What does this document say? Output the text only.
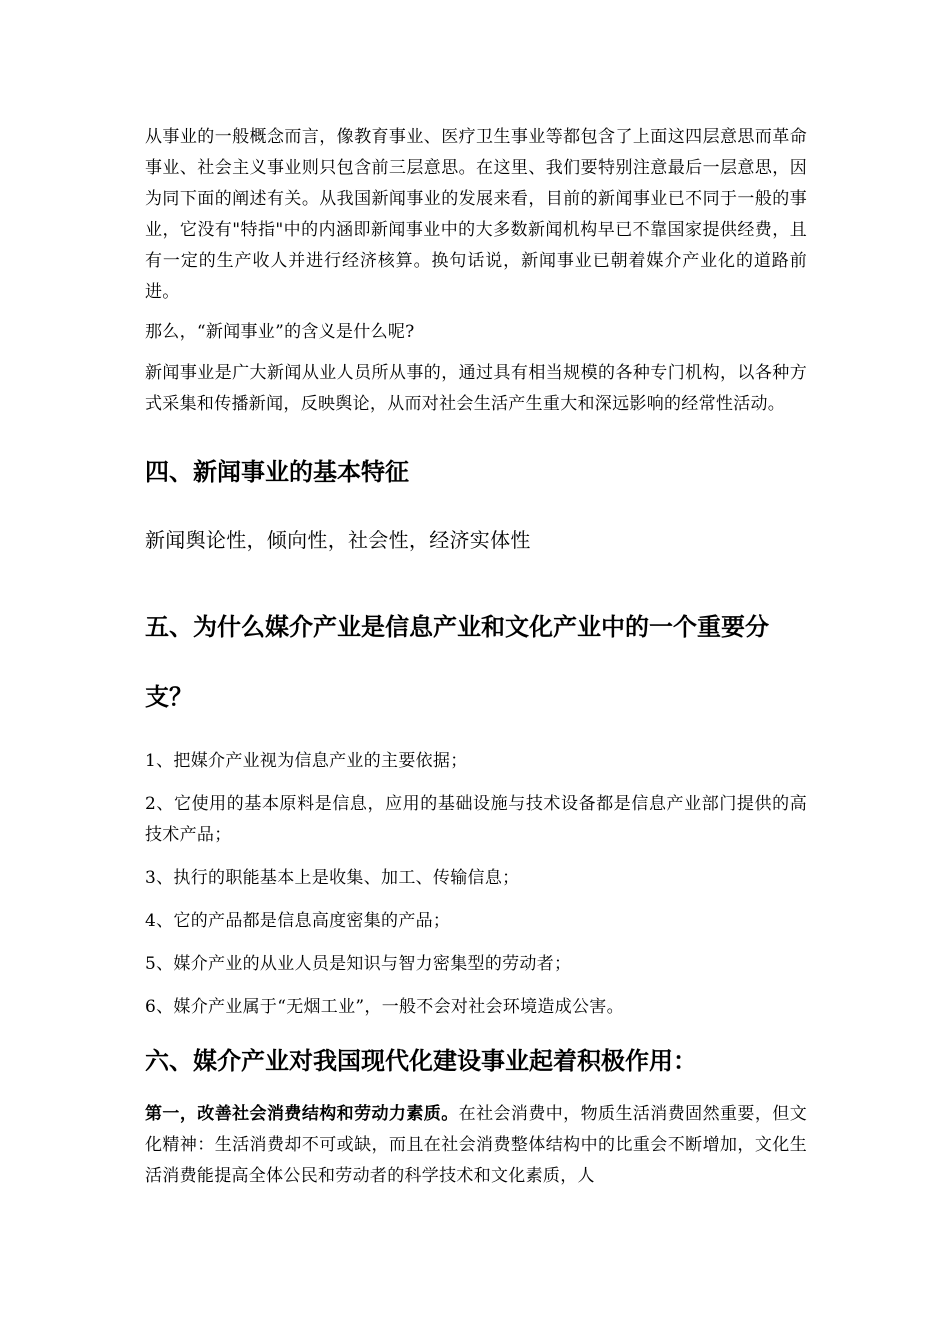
从事业的一般概念而言，像教育事业、医疗卫生事业等都包含了上面这四层意思而革命事业、社会主义事业则只包含前三层意思。在这里、我们要特别注意最后一层意思，因为同下面的阐述有关。从我国新闻事业的发展来看，目前的新闻事业已不同于一般的事业，它没有"特指"中的内涵即新闻事业中的大多数新闻机构早已不靠国家提供经费，且有一定的生产收人并进行经济核算。换句话说，新闻事业已朝着媒介产业化的道路前进。

那么，“新闻事业”的含义是什么呢?

新闻事业是广大新闻从业人员所从事的，通过具有相当规模的各种专门机构，以各种方式采集和传播新闻，反映舆论，从而对社会生活产生重大和深远影响的经常性活动。

四、新闻事业的基本特征

新闻舆论性，倾向性，社会性，经济实体性

五、为什么媒介产业是信息产业和文化产业中的一个重要分支？

1、把媒介产业视为信息产业的主要依据；

2、它使用的基本原料是信息，应用的基础设施与技术设备都是信息产业部门提供的高技术产品；

3、执行的职能基本上是收集、加工、传输信息；

4、它的产品都是信息高度密集的产品；

5、媒介产业的从业人员是知识与智力密集型的劳动者；

6、媒介产业属于“无烟工业”，一般不会对社会环境造成公害。

六、媒介产业对我国现代化建设事业起着积极作用：

第一，改善社会消费结构和劳动力素质。在社会消费中，物质生活消费固然重要，但文化精神：生活消费却不可或缺，而且在社会消费整体结构中的比重会不断增加，文化生活消费能提高全体公民和劳动者的科学技术和文化素质，人
